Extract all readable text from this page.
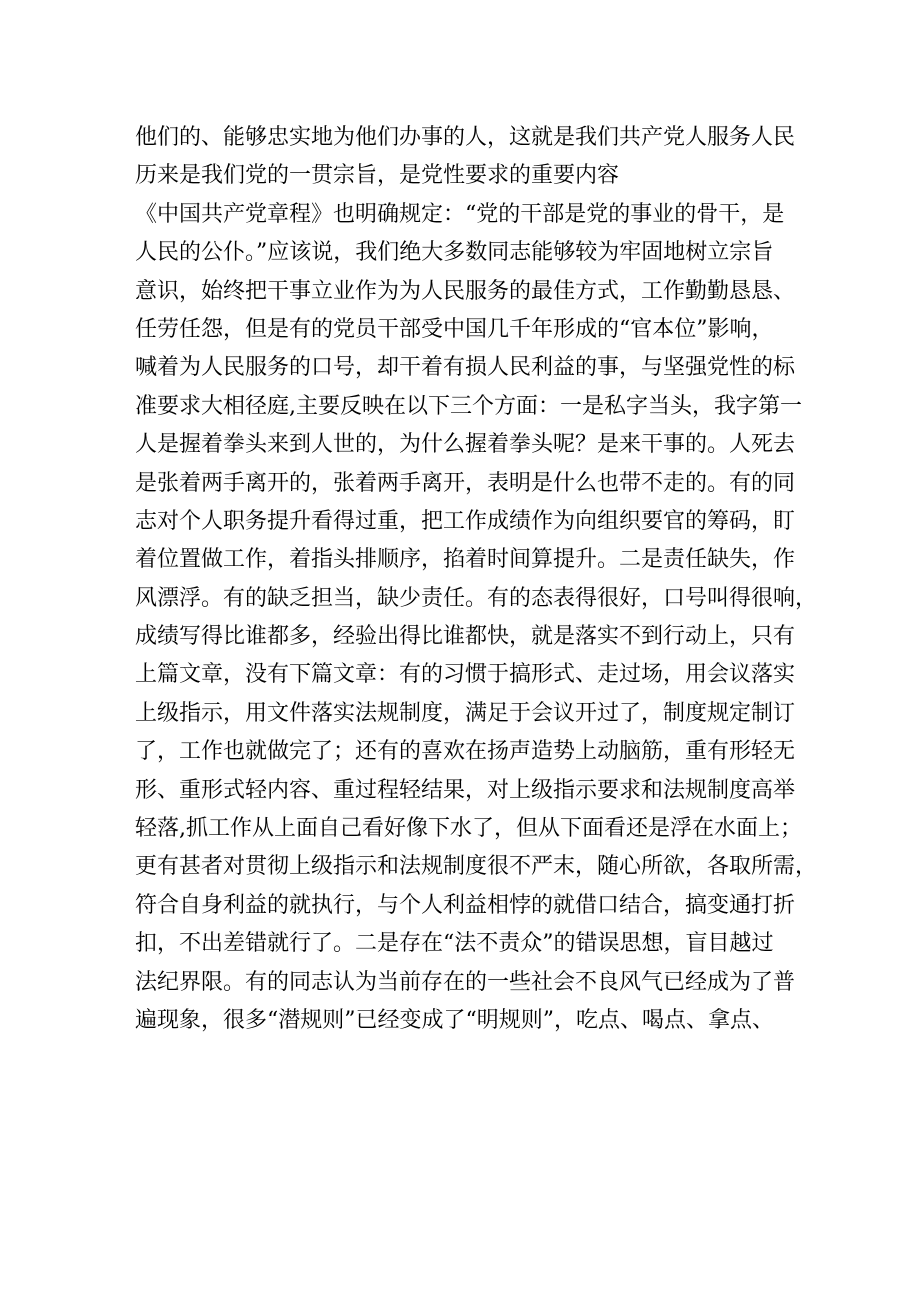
他们的、能够忠实地为他们办事的人，这就是我们共产党人服务人民
历来是我们党的一贯宗旨，是党性要求的重要内容
《中国共产党章程》也明确规定：“党的干部是党的事业的骨干，是
人民的公仆。”应该说，我们绝大多数同志能够较为牢固地树立宗旨
意识，始终把干事立业作为为人民服务的最佳方式，工作勤勤恳恳、
任劳任怨，但是有的党员干部受中国几千年形成的“官本位”影响，
喊着为人民服务的口号，却干着有损人民利益的事，与坚强党性的标
准要求大相径庭,主要反映在以下三个方面：一是私字当头，我字第一
人是握着拳头来到人世的，为什么握着拳头呢？是来干事的。人死去
是张着两手离开的，张着两手离开，表明是什么也带不走的。有的同
志对个人职务提升看得过重，把工作成绩作为向组织要官的筹码，盯
着位置做工作，着指头排顺序，掐着时间算提升。二是责任缺失，作
风漂浮。有的缺乏担当，缺少责任。有的态表得很好，口号叫得很响，
成绩写得比谁都多，经验出得比谁都快，就是落实不到行动上，只有
上篇文章，没有下篇文章：有的习惯于搞形式、走过场，用会议落实
上级指示，用文件落实法规制度，满足于会议开过了，制度规定制订
了，工作也就做完了；还有的喜欢在扬声造势上动脑筋，重有形轻无
形、重形式轻内容、重过程轻结果，对上级指示要求和法规制度高举
轻落,抓工作从上面自己看好像下水了，但从下面看还是浮在水面上；
更有甚者对贯彻上级指示和法规制度很不严末，随心所欲，各取所需，
符合自身利益的就执行，与个人利益相悖的就借口结合，搞变通打折
扣，不出差错就行了。二是存在“法不责众”的错误思想，盲目越过
法纪界限。有的同志认为当前存在的一些社会不良风气已经成为了普
遍现象，很多“潜规则”已经变成了“明规则”，吃点、喝点、拿点、
